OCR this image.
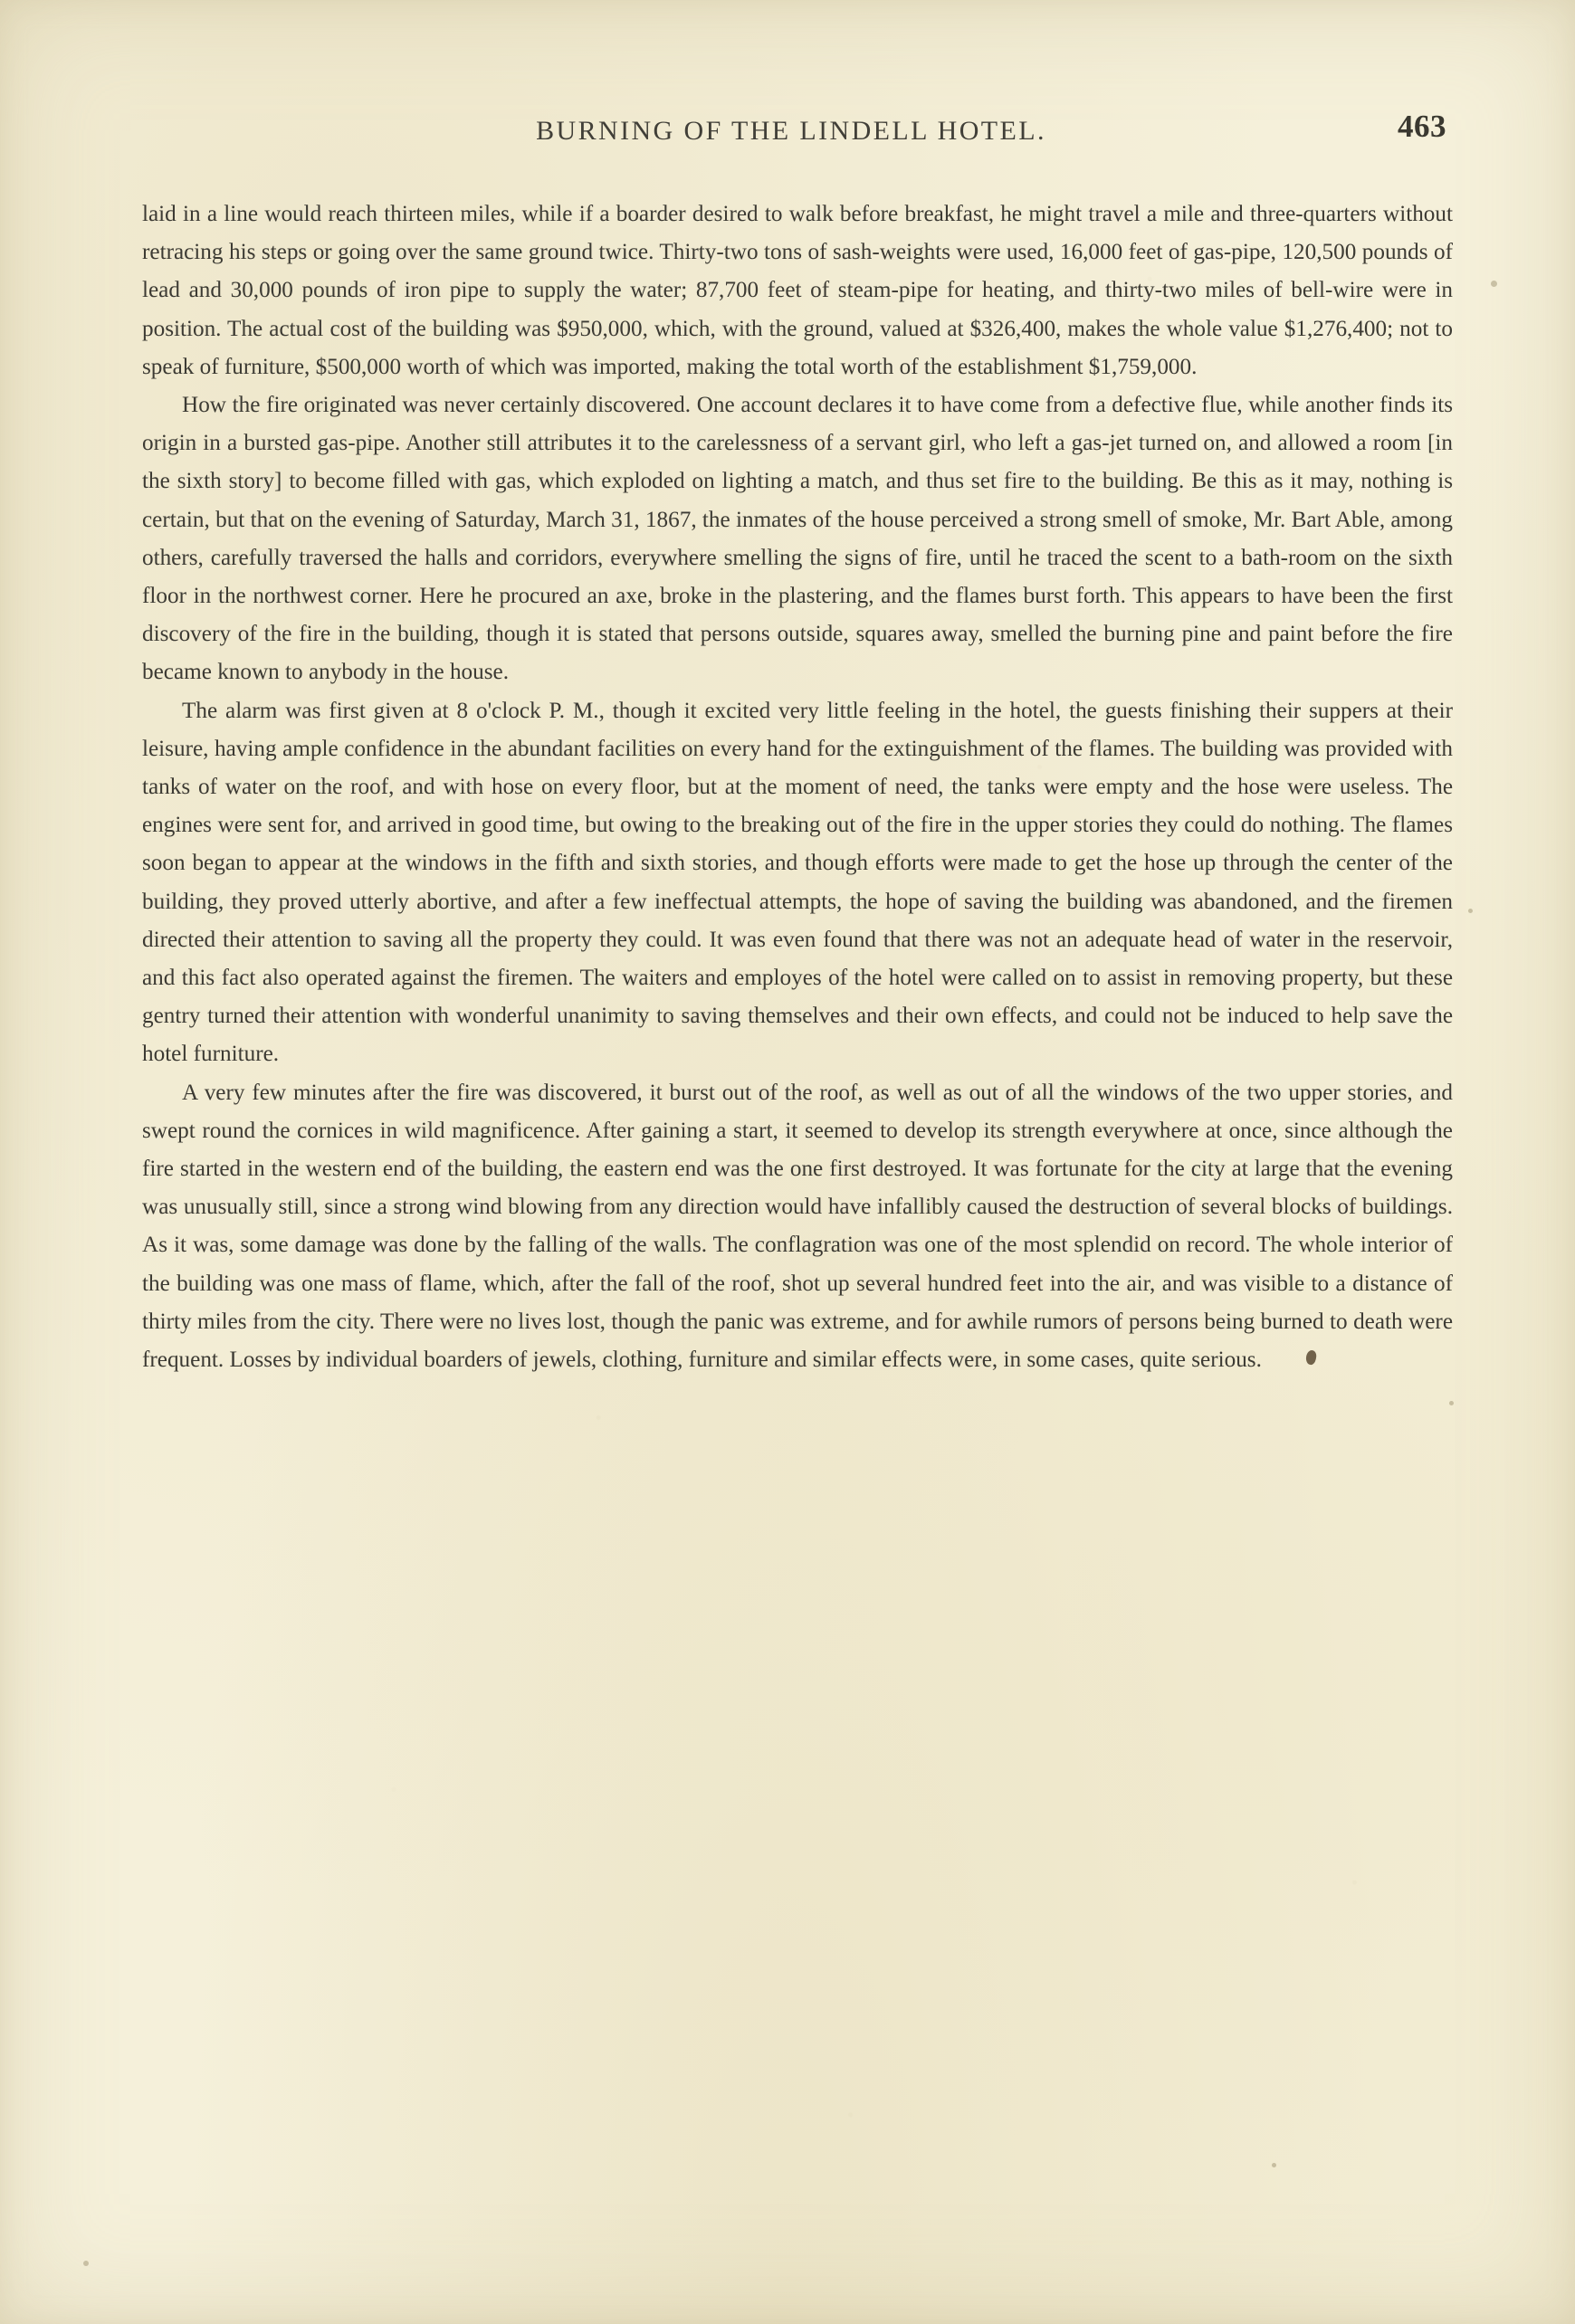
BURNING OF THE LINDELL HOTEL.	463

laid in a line would reach thirteen miles, while if a boarder desired to walk before breakfast, he might travel a mile and three-quarters without retracing his steps or going over the same ground twice. Thirty-two tons of sash-weights were used, 16,000 feet of gas-pipe, 120,500 pounds of lead and 30,000 pounds of iron pipe to supply the water; 87,700 feet of steam-pipe for heating, and thirty-two miles of bell-wire were in position. The actual cost of the building was $950,000, which, with the ground, valued at $326,400, makes the whole value $1,276,400; not to speak of furniture, $500,000 worth of which was imported, making the total worth of the establishment $1,759,000.

How the fire originated was never certainly discovered. One account declares it to have come from a defective flue, while another finds its origin in a bursted gas-pipe. Another still attributes it to the carelessness of a servant girl, who left a gas-jet turned on, and allowed a room [in the sixth story] to become filled with gas, which exploded on lighting a match, and thus set fire to the building. Be this as it may, nothing is certain, but that on the evening of Saturday, March 31, 1867, the inmates of the house perceived a strong smell of smoke, Mr. Bart Able, among others, carefully traversed the halls and corridors, everywhere smelling the signs of fire, until he traced the scent to a bath-room on the sixth floor in the northwest corner. Here he procured an axe, broke in the plastering, and the flames burst forth. This appears to have been the first discovery of the fire in the building, though it is stated that persons outside, squares away, smelled the burning pine and paint before the fire became known to anybody in the house.

The alarm was first given at 8 o'clock P. M., though it excited very little feeling in the hotel, the guests finishing their suppers at their leisure, having ample confidence in the abundant facilities on every hand for the extinguishment of the flames. The building was provided with tanks of water on the roof, and with hose on every floor, but at the moment of need, the tanks were empty and the hose were useless. The engines were sent for, and arrived in good time, but owing to the breaking out of the fire in the upper stories they could do nothing. The flames soon began to appear at the windows in the fifth and sixth stories, and though efforts were made to get the hose up through the center of the building, they proved utterly abortive, and after a few ineffectual attempts, the hope of saving the building was abandoned, and the firemen directed their attention to saving all the property they could. It was even found that there was not an adequate head of water in the reservoir, and this fact also operated against the firemen. The waiters and employes of the hotel were called on to assist in removing property, but these gentry turned their attention with wonderful unanimity to saving themselves and their own effects, and could not be induced to help save the hotel furniture.

A very few minutes after the fire was discovered, it burst out of the roof, as well as out of all the windows of the two upper stories, and swept round the cornices in wild magnificence. After gaining a start, it seemed to develop its strength everywhere at once, since although the fire started in the western end of the building, the eastern end was the one first destroyed. It was fortunate for the city at large that the evening was unusually still, since a strong wind blowing from any direction would have infallibly caused the destruction of several blocks of buildings. As it was, some damage was done by the falling of the walls. The conflagration was one of the most splendid on record. The whole interior of the building was one mass of flame, which, after the fall of the roof, shot up several hundred feet into the air, and was visible to a distance of thirty miles from the city. There were no lives lost, though the panic was extreme, and for awhile rumors of persons being burned to death were frequent. Losses by individual boarders of jewels, clothing, furniture and similar effects were, in some cases, quite serious.
